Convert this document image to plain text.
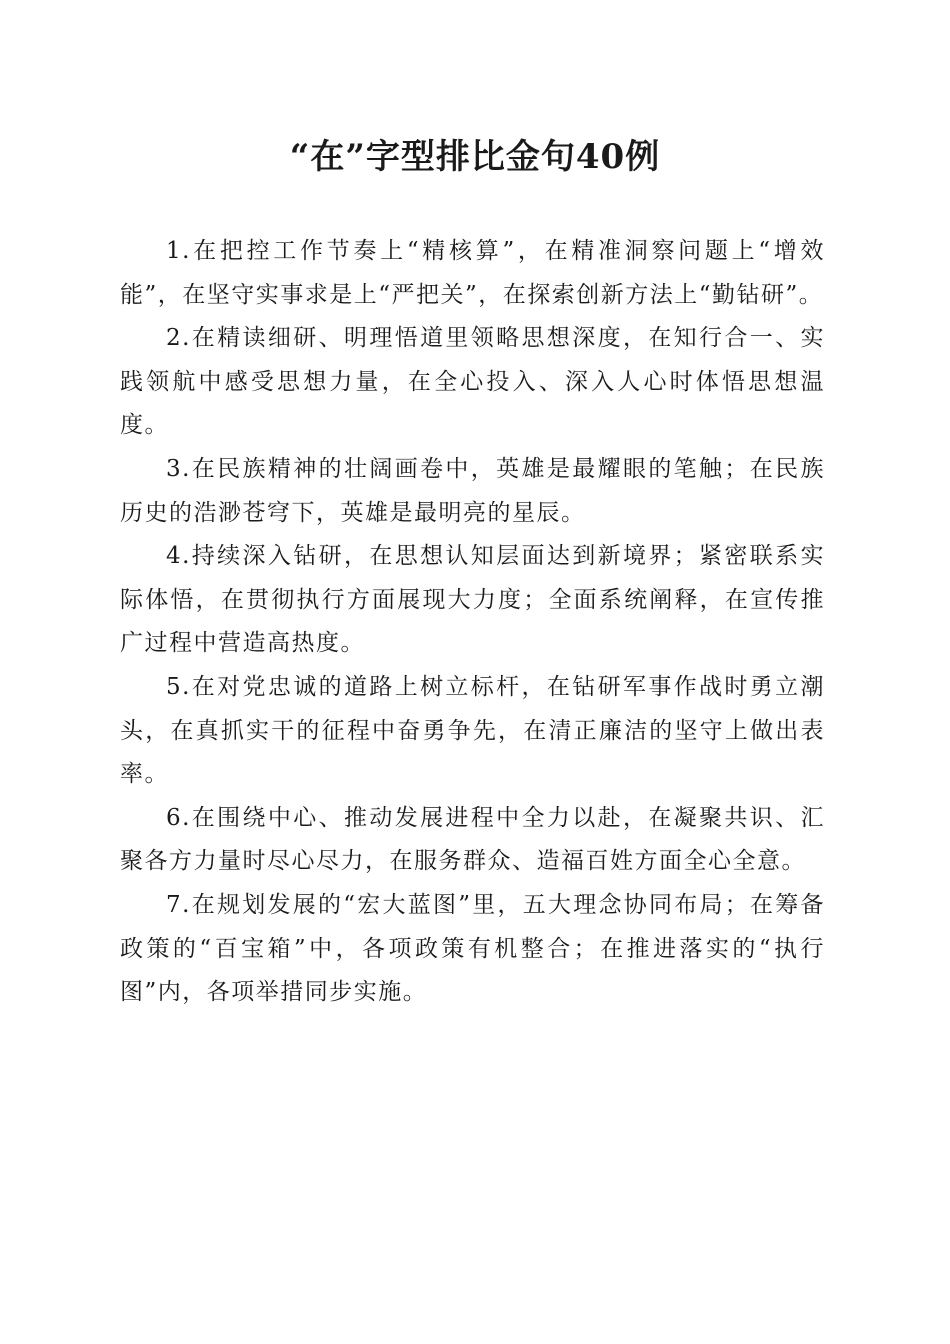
“在”字型排比金句40例

1.在把控工作节奏上“精核算”，在精准洞察问题上“增效能”，在坚守实事求是上“严把关”，在探索创新方法上“勤钻研”。

2.在精读细研、明理悟道里领略思想深度，在知行合一、实践领航中感受思想力量，在全心投入、深入人心时体悟思想温度。

3.在民族精神的壮阔画卷中，英雄是最耀眼的笔触；在民族历史的浩渺苍穹下，英雄是最明亮的星辰。

4.持续深入钻研，在思想认知层面达到新境界；紧密联系实际体悟，在贯彻执行方面展现大力度；全面系统阐释，在宣传推广过程中营造高热度。

5.在对党忠诚的道路上树立标杆，在钻研军事作战时勇立潮头，在真抓实干的征程中奋勇争先，在清正廉洁的坚守上做出表率。

6.在围绕中心、推动发展进程中全力以赴，在凝聚共识、汇聚各方力量时尽心尽力，在服务群众、造福百姓方面全心全意。

7.在规划发展的“宏大蓝图”里，五大理念协同布局；在筹备政策的“百宝箱”中，各项政策有机整合；在推进落实的“执行图”内，各项举措同步实施。
